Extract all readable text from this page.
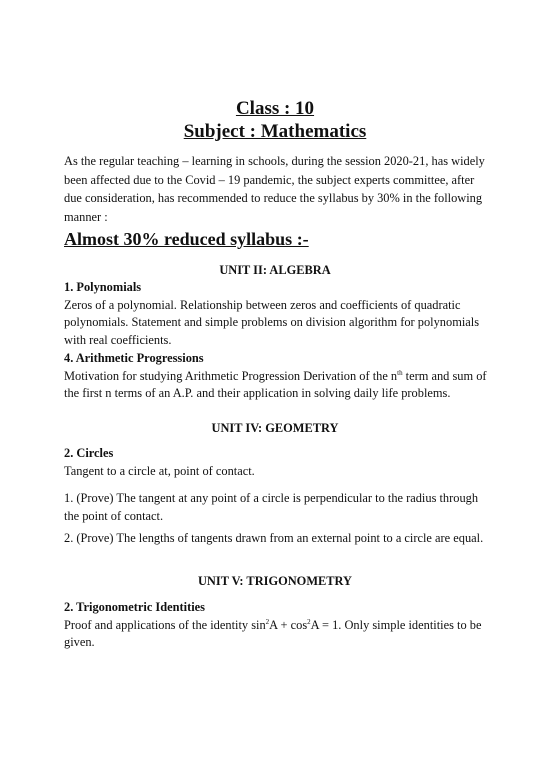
Class : 10
Subject : Mathematics

As the regular teaching – learning in schools, during the session 2020-21, has widely been affected due to the Covid – 19 pandemic, the subject experts committee, after due consideration, has recommended to reduce the syllabus by 30% in the following manner :

Almost 30% reduced syllabus :-
UNIT II: ALGEBRA
1. Polynomials
Zeros of a polynomial. Relationship between zeros and coefficients of quadratic polynomials. Statement and simple problems on division algorithm for polynomials with real coefficients.
4. Arithmetic Progressions
Motivation for studying Arithmetic Progression Derivation of the $n^{th}$ term and sum of the first n terms of an A.P. and their application in solving daily life problems.
UNIT IV: GEOMETRY
2. Circles
Tangent to a circle at, point of contact.
1. (Prove) The tangent at any point of a circle is perpendicular to the radius through the point of contact.
2. (Prove) The lengths of tangents drawn from an external point to a circle are equal.
UNIT V: TRIGONOMETRY
2. Trigonometric Identities
Proof and applications of the identity $\sin^2A + \cos^2A = 1$. Only simple identities to be given.
